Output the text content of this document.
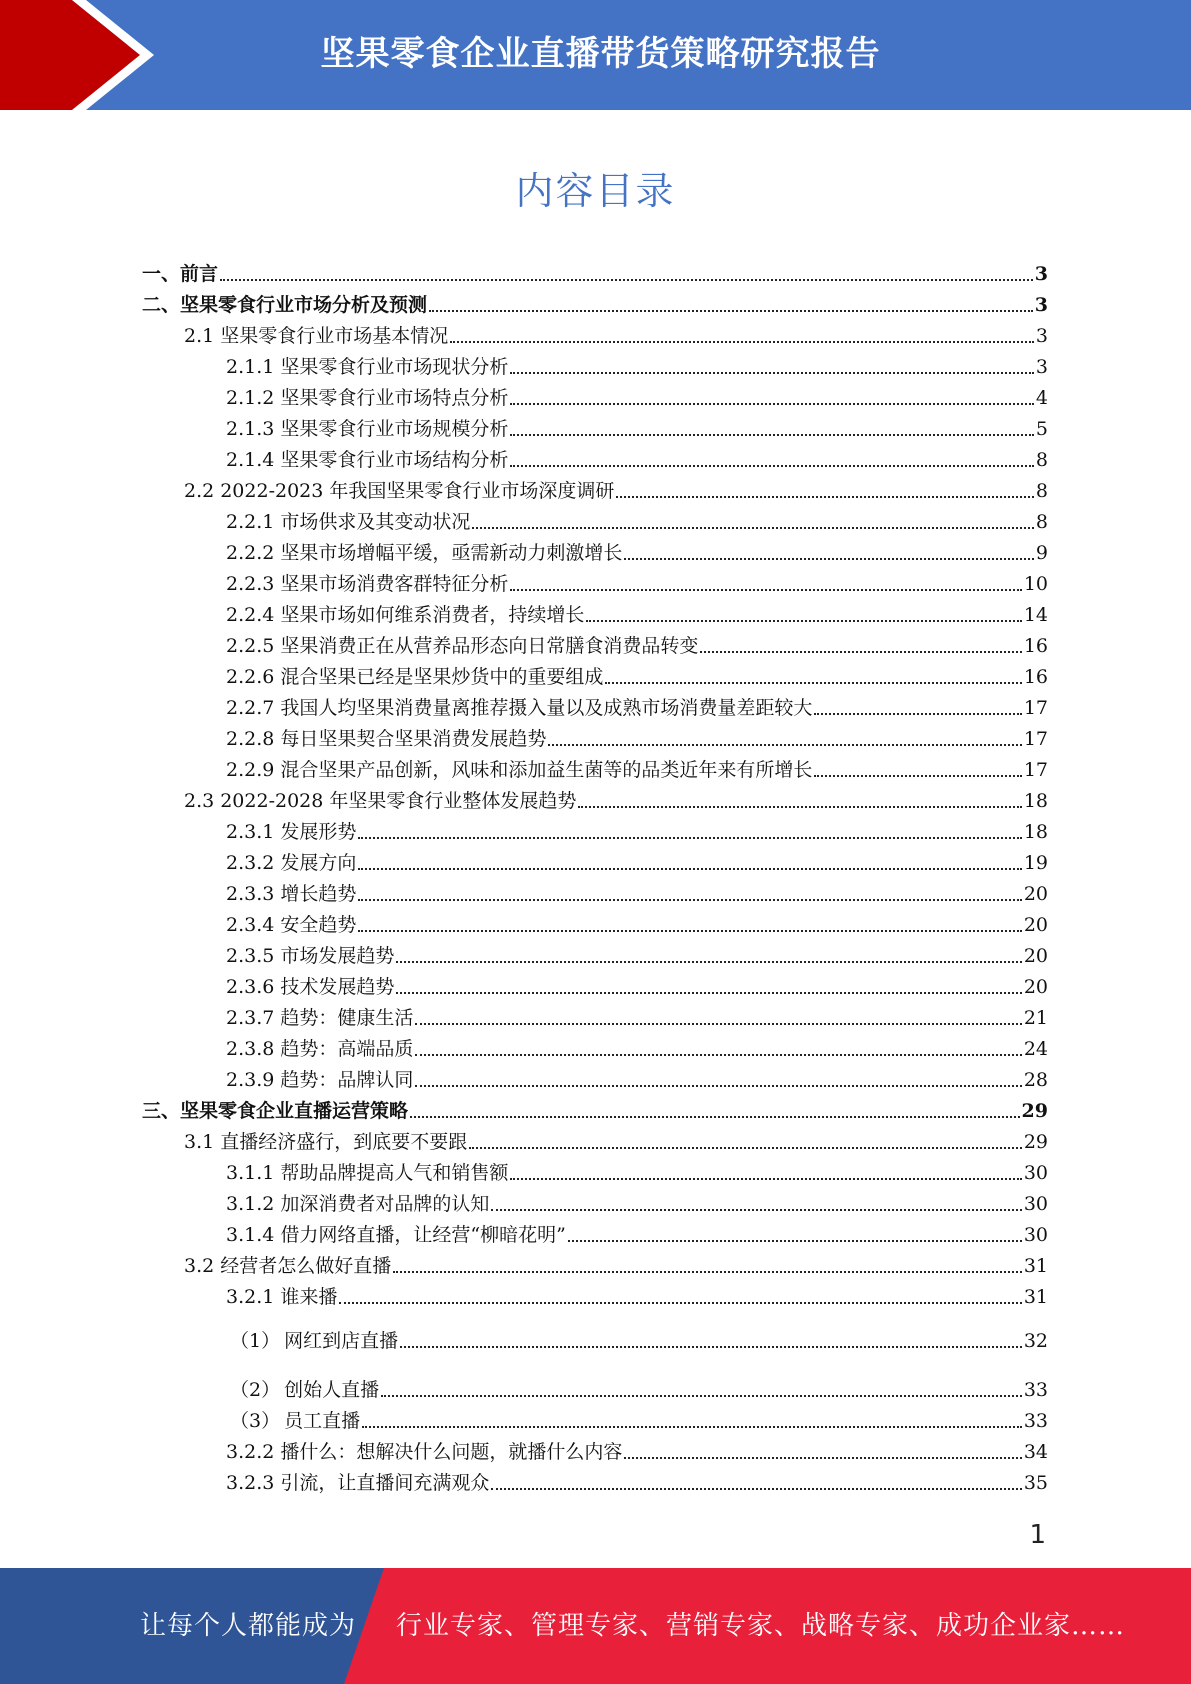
坚果零食企业直播带货策略研究报告
内容目录
一、前言	3
二、坚果零食行业市场分析及预测	3
2.1 坚果零食行业市场基本情况	3
2.1.1 坚果零食行业市场现状分析	3
2.1.2 坚果零食行业市场特点分析	4
2.1.3 坚果零食行业市场规模分析	5
2.1.4 坚果零食行业市场结构分析	8
2.2 2022-2023 年我国坚果零食行业市场深度调研	8
2.2.1 市场供求及其变动状况	8
2.2.2 坚果市场增幅平缓，亟需新动力刺激增长	9
2.2.3 坚果市场消费客群特征分析	10
2.2.4 坚果市场如何维系消费者，持续增长	14
2.2.5 坚果消费正在从营养品形态向日常膳食消费品转变	16
2.2.6 混合坚果已经是坚果炒货中的重要组成	16
2.2.7 我国人均坚果消费量离推荐摄入量以及成熟市场消费量差距较大	17
2.2.8 每日坚果契合坚果消费发展趋势	17
2.2.9 混合坚果产品创新，风味和添加益生菌等的品类近年来有所增长	17
2.3 2022-2028 年坚果零食行业整体发展趋势	18
2.3.1 发展形势	18
2.3.2 发展方向	19
2.3.3 增长趋势	20
2.3.4 安全趋势	20
2.3.5 市场发展趋势	20
2.3.6 技术发展趋势	20
2.3.7 趋势：健康生活	21
2.3.8 趋势：高端品质	24
2.3.9 趋势：品牌认同	28
三、坚果零食企业直播运营策略	29
3.1 直播经济盛行，到底要不要跟	29
3.1.1 帮助品牌提高人气和销售额	30
3.1.2 加深消费者对品牌的认知	30
3.1.4 借力网络直播，让经营“柳暗花明”	30
3.2 经营者怎么做好直播	31
3.2.1 谁来播	31
（1） 网红到店直播	32
（2） 创始人直播	33
（3） 员工直播	33
3.2.2 播什么：想解决什么问题，就播什么内容	34
3.2.3 引流，让直播间充满观众	35
1
让每个人都能成为 行业专家、管理专家、营销专家、战略专家、成功企业家……
